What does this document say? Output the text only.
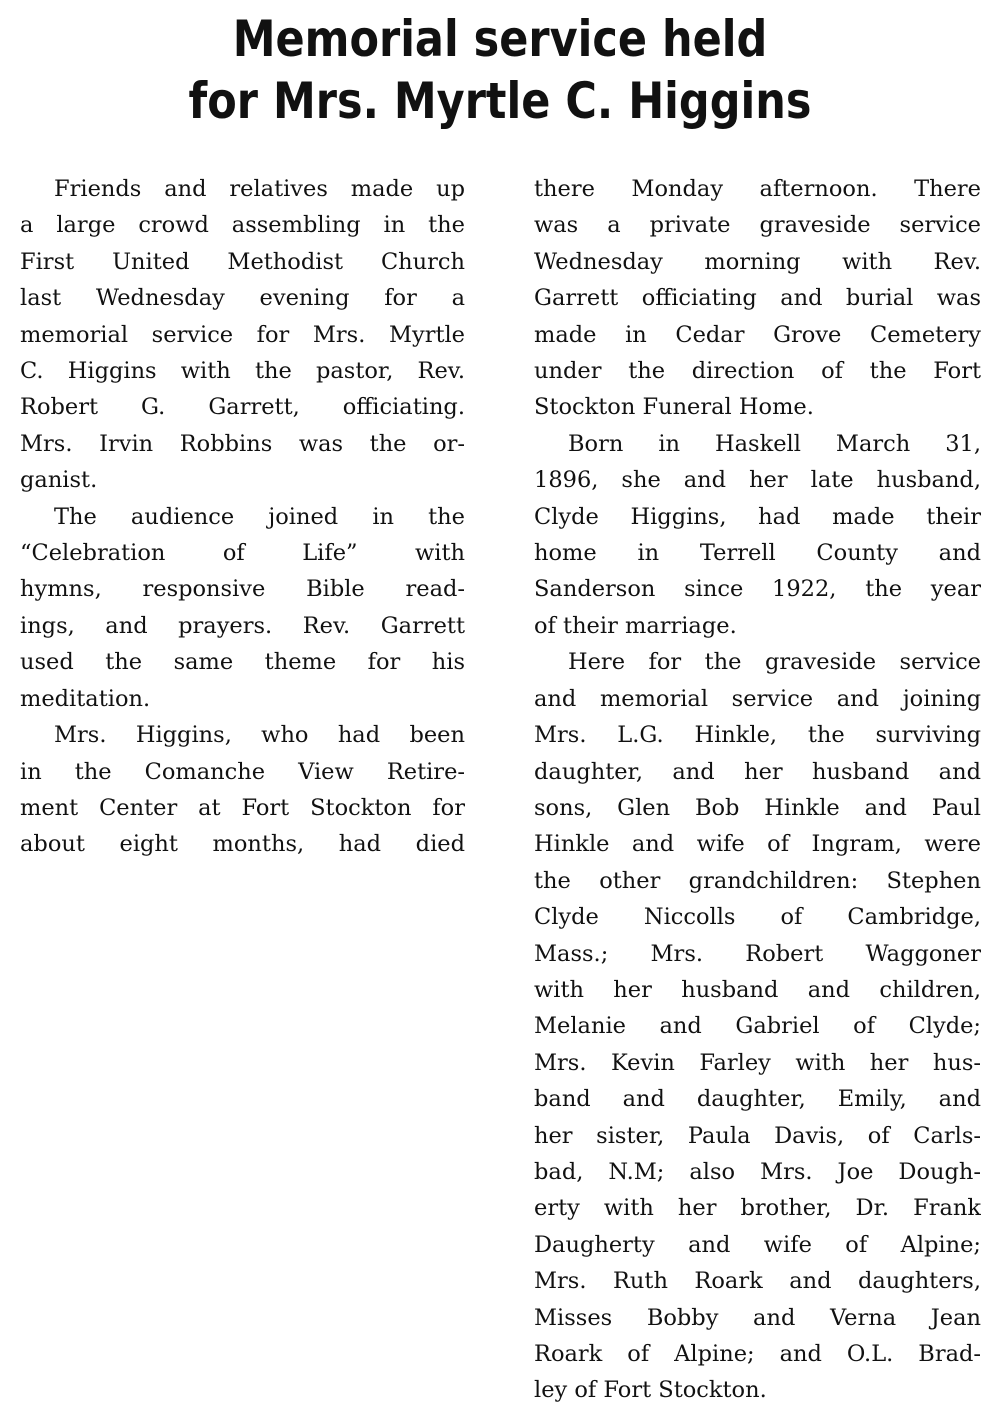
Memorial service held
for Mrs. Myrtle C. Higgins

Friends and relatives made up
a large crowd assembling in the
First United Methodist Church
last Wednesday evening for a
memorial service for Mrs. Myrtle
C. Higgins with the pastor, Rev.
Robert G. Garrett, officiating.
Mrs. Irvin Robbins was the or-
ganist.

The audience joined in the
“Celebration of Life” with
hymns, responsive Bible read-
ings, and prayers. Rev. Garrett
used the same theme for his
meditation.

Mrs. Higgins, who had been
in the Comanche View Retire-
ment Center at Fort Stockton for
about eight months, had died

there Monday afternoon. There
was a private graveside service
Wednesday morning with Rev.
Garrett officiating and burial was
made in Cedar Grove Cemetery
under the direction of the Fort
Stockton Funeral Home.

Born in Haskell March 31,
1896, she and her late husband,
Clyde Higgins, had made their
home in Terrell County and
Sanderson since 1922, the year
of their marriage.

Here for the graveside service
and memorial service and joining
Mrs. L.G. Hinkle, the surviving
daughter, and her husband and
sons, Glen Bob Hinkle and Paul
Hinkle and wife of Ingram, were
the other grandchildren: Stephen
Clyde Niccolls of Cambridge,
Mass.; Mrs. Robert Waggoner
with her husband and children,
Melanie and Gabriel of Clyde;
Mrs. Kevin Farley with her hus-
band and daughter, Emily, and
her sister, Paula Davis, of Carls-
bad, N.M; also Mrs. Joe Dough-
erty with her brother, Dr. Frank
Daugherty and wife of Alpine;
Mrs. Ruth Roark and daughters,
Misses Bobby and Verna Jean
Roark of Alpine; and O.L. Brad-
ley of Fort Stockton.
